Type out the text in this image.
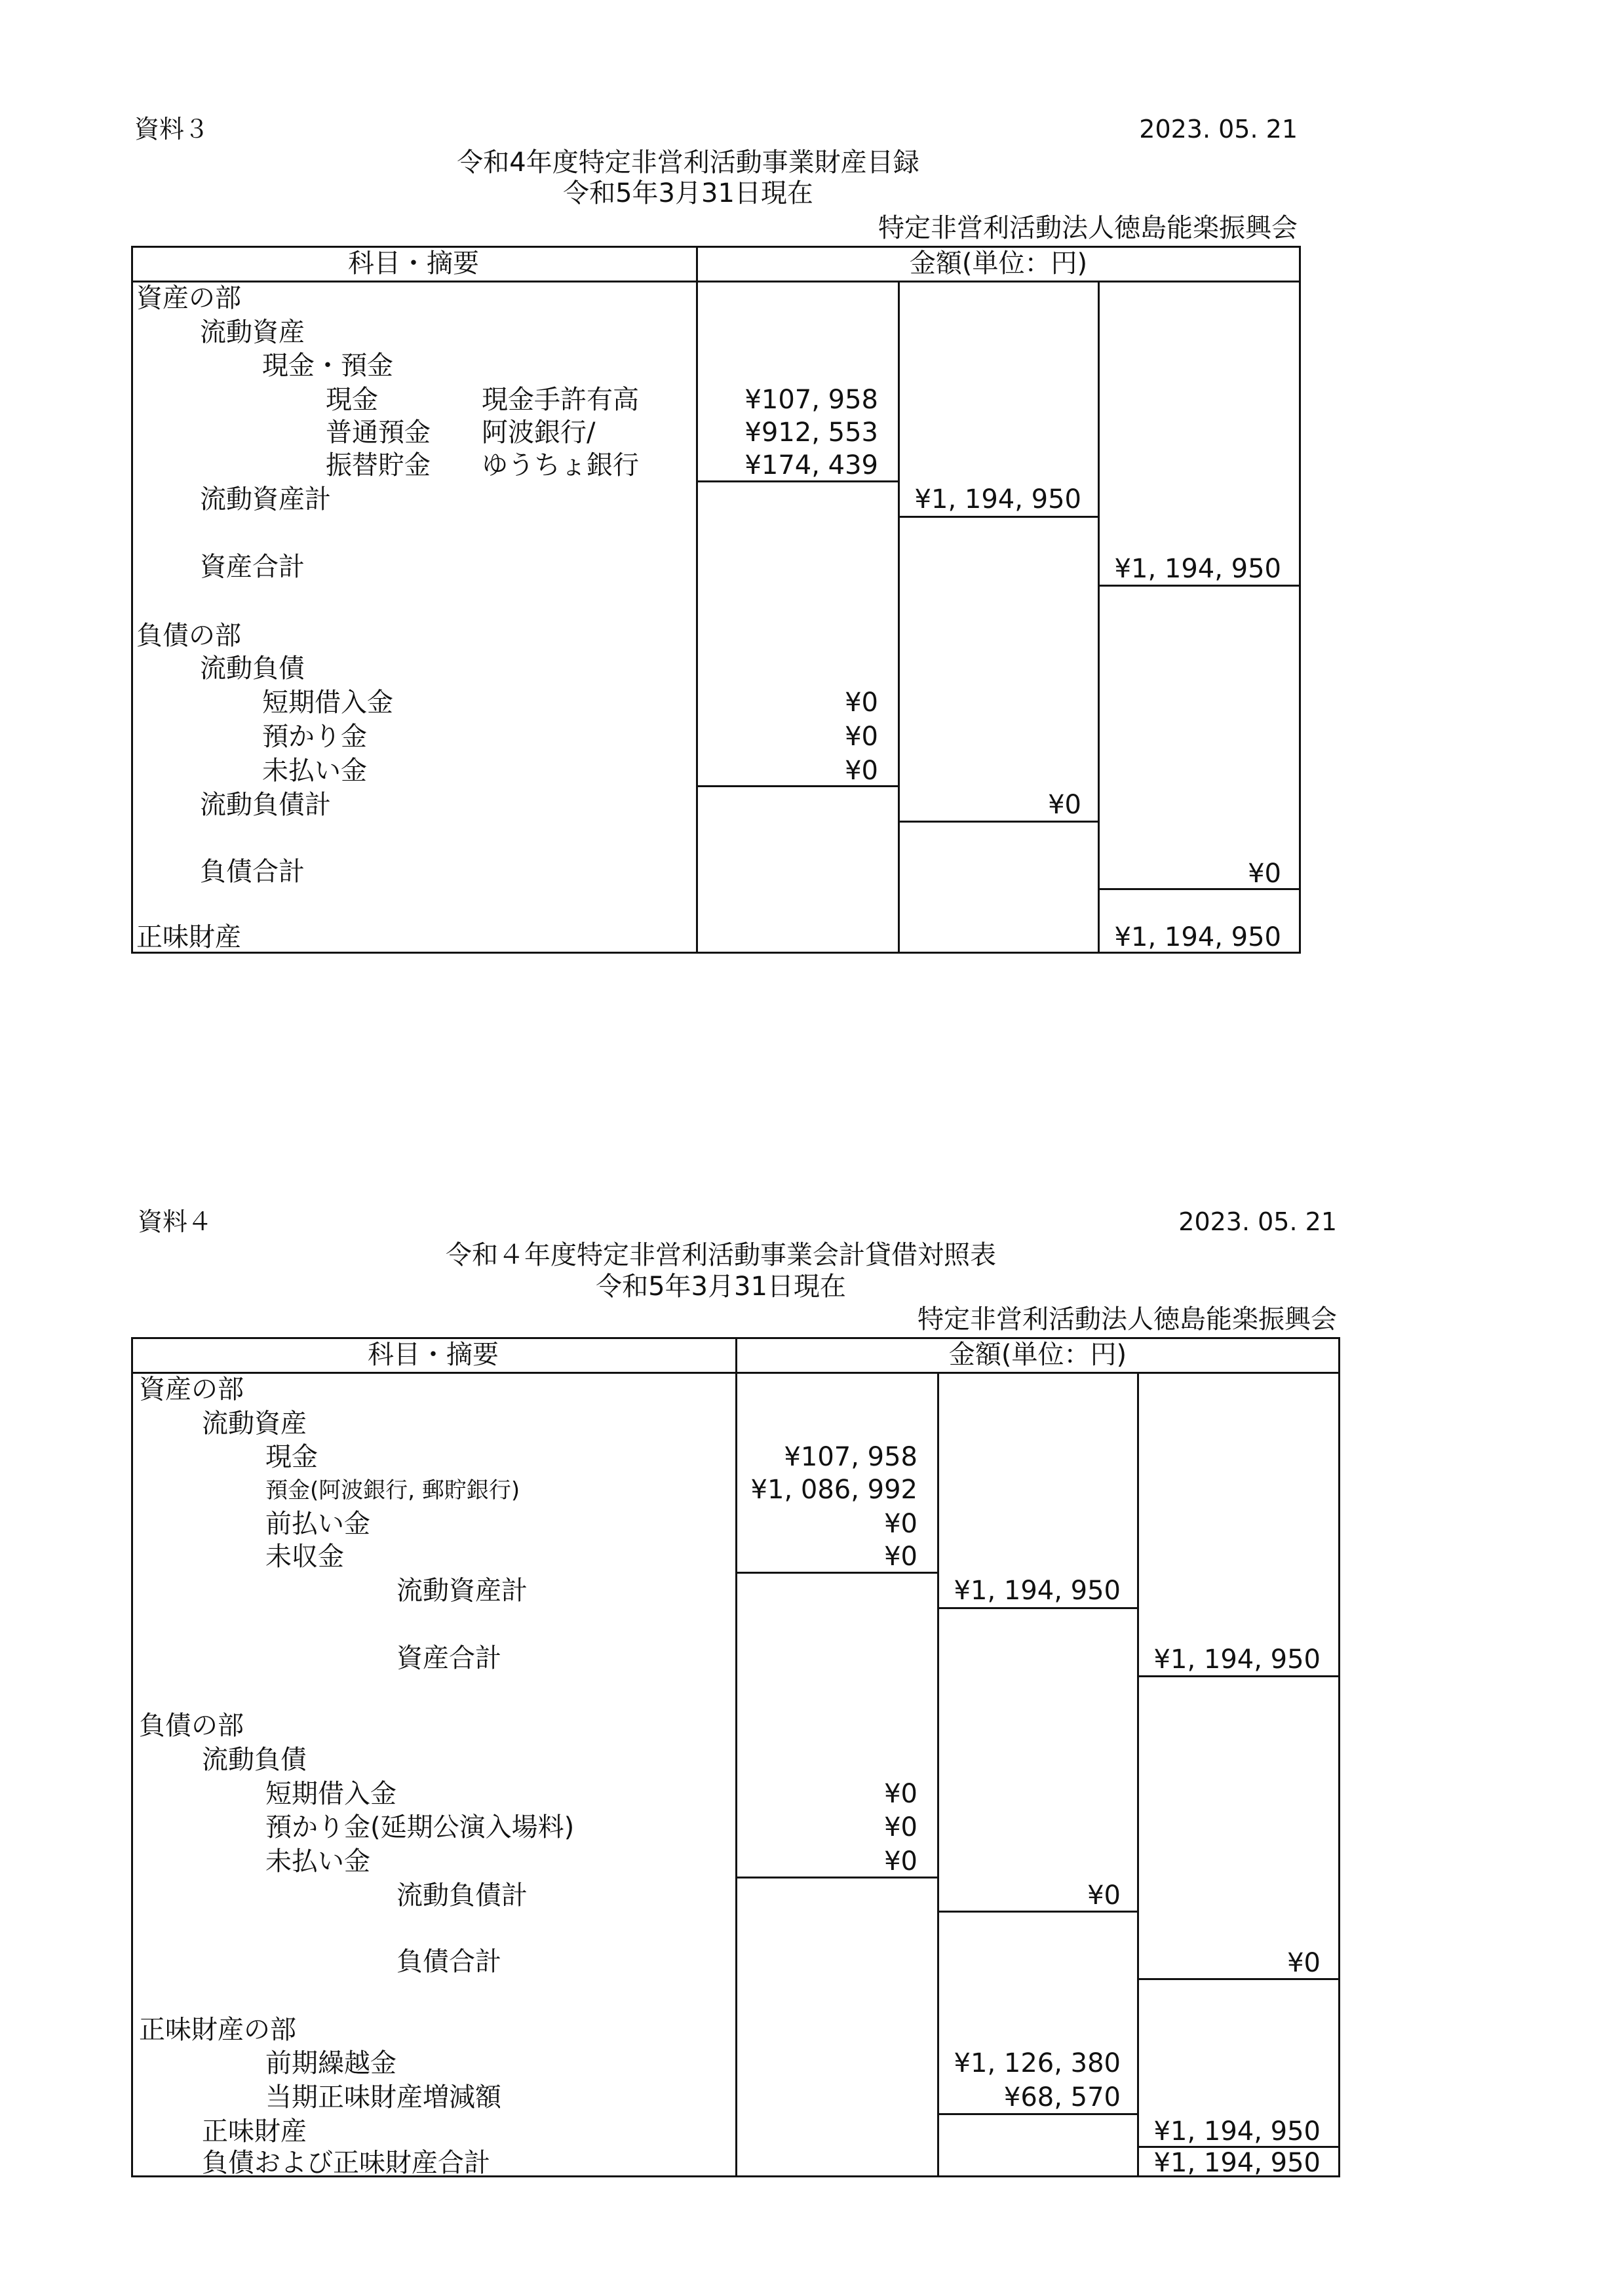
資料３	2023. 05. 21
令和4年度特定非営利活動事業財産目録
令和5年3月31日現在
特定非営利活動法人徳島能楽振興会
科目・摘要	金額(単位：円)
資産の部
流動資産
現金・預金
現金	現金手許有高	¥107, 958
普通預金 阿波銀行/	¥912, 553
振替貯金 ゆうちょ銀行	¥174, 439
流動資産計	¥1, 194, 950
資産合計	¥1, 194, 950
負債の部
流動負債
短期借入金	¥0
預かり金	¥0
未払い金	¥0
流動負債計	¥0
負債合計	¥0
正味財産	¥1, 194, 950
資料４	2023. 05. 21
令和４年度特定非営利活動事業会計貸借対照表
令和5年3月31日現在
特定非営利活動法人徳島能楽振興会
科目・摘要	金額(単位：円)
資産の部
流動資産
現金	¥107, 958
預金(阿波銀行, 郵貯銀行)	¥1, 086, 992
前払い金	¥0
未収金	¥0
流動資産計	¥1, 194, 950
資産合計	¥1, 194, 950
負債の部
流動負債
短期借入金	¥0
預かり金(延期公演入場料)	¥0
未払い金	¥0
流動負債計	¥0
負債合計	¥0
正味財産の部
前期繰越金	¥1, 126, 380
当期正味財産増減額	¥68, 570
正味財産	¥1, 194, 950
負債および正味財産合計	¥1, 194, 950
